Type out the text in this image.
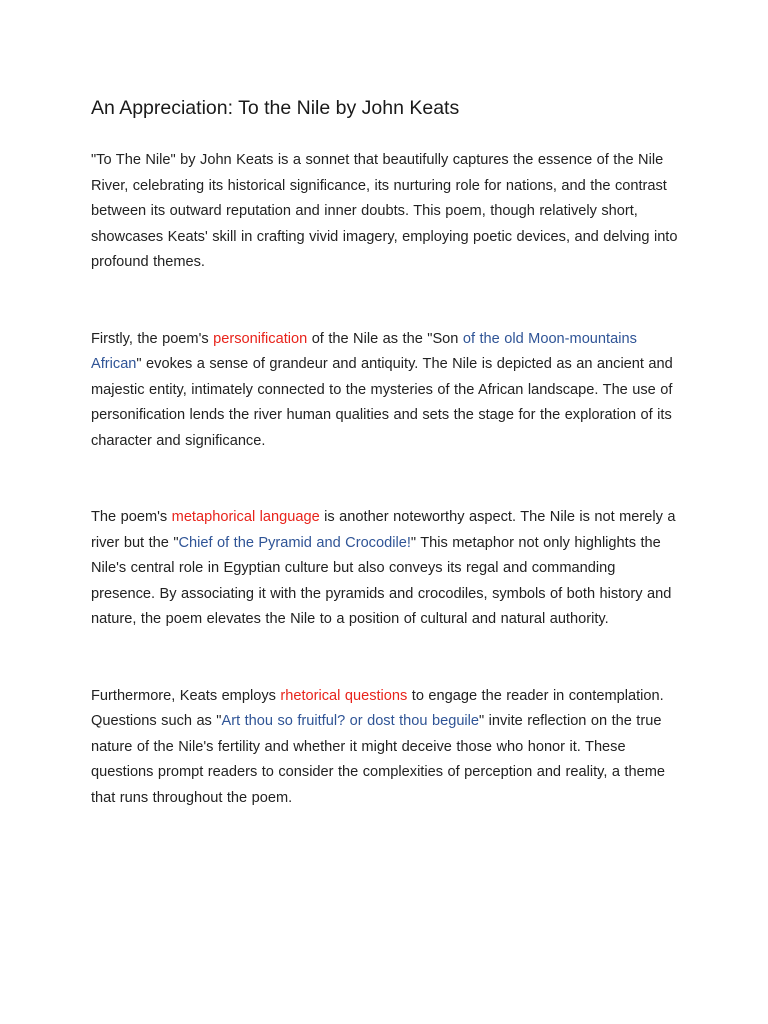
An Appreciation: To the Nile by John Keats

"To The Nile" by John Keats is a sonnet that beautifully captures the essence of the Nile River, celebrating its historical significance, its nurturing role for nations, and the contrast between its outward reputation and inner doubts. This poem, though relatively short, showcases Keats' skill in crafting vivid imagery, employing poetic devices, and delving into profound themes.

Firstly, the poem's personification of the Nile as the "Son of the old Moon-mountains African" evokes a sense of grandeur and antiquity. The Nile is depicted as an ancient and majestic entity, intimately connected to the mysteries of the African landscape. The use of personification lends the river human qualities and sets the stage for the exploration of its character and significance.

The poem's metaphorical language is another noteworthy aspect. The Nile is not merely a river but the "Chief of the Pyramid and Crocodile!" This metaphor not only highlights the Nile's central role in Egyptian culture but also conveys its regal and commanding presence. By associating it with the pyramids and crocodiles, symbols of both history and nature, the poem elevates the Nile to a position of cultural and natural authority.

Furthermore, Keats employs rhetorical questions to engage the reader in contemplation. Questions such as "Art thou so fruitful? or dost thou beguile" invite reflection on the true nature of the Nile's fertility and whether it might deceive those who honor it. These questions prompt readers to consider the complexities of perception and reality, a theme that runs throughout the poem.
